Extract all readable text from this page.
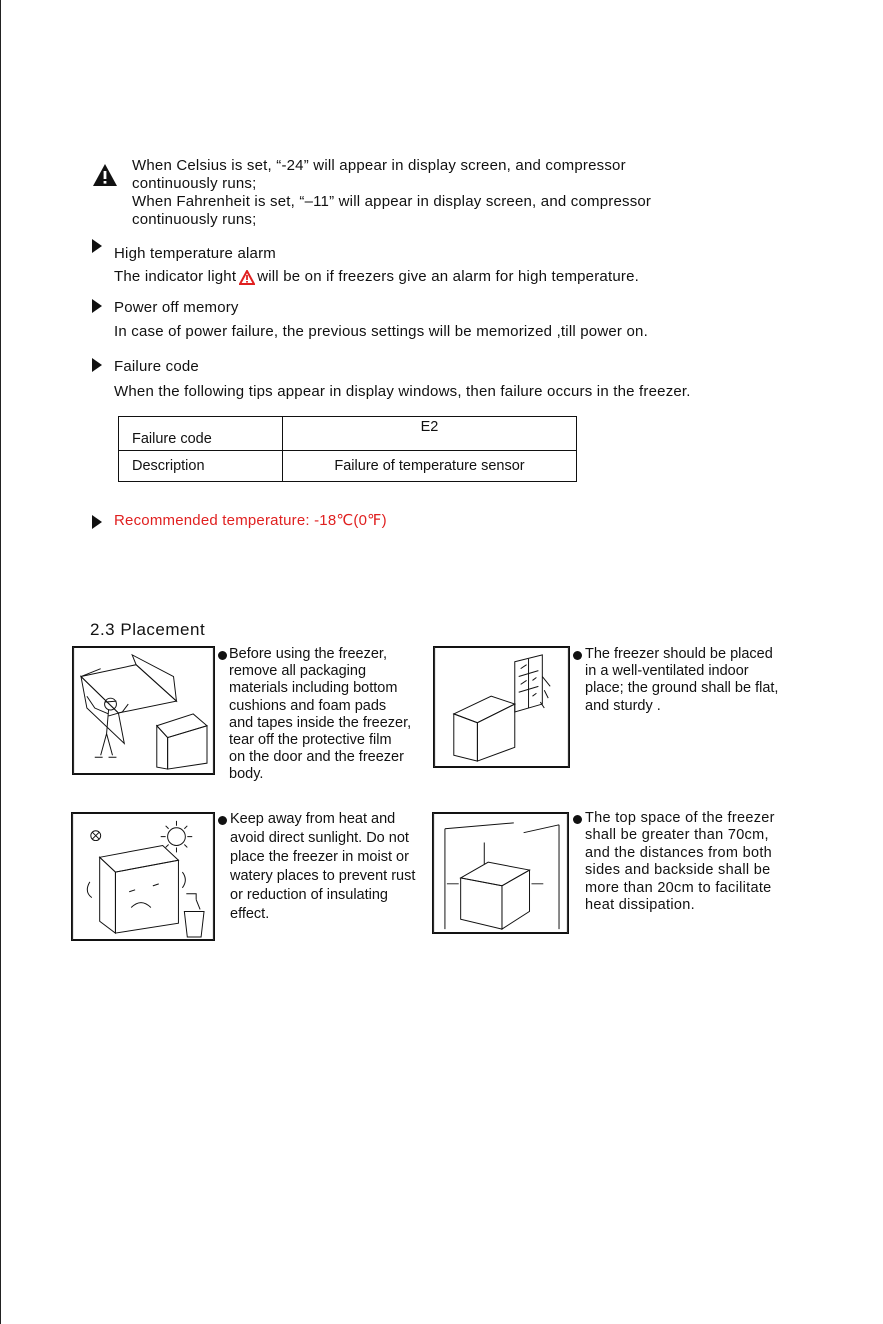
When Celsius is set, “-24” will appear in display screen, and compressor
continuously runs;
When Fahrenheit is set, “–11” will appear in display screen, and compressor
continuously runs;
High temperature alarm
The indicator light will be on if freezers give an alarm for high temperature.
Power off memory
In case of power failure, the previous settings will be memorized ,till power on.
Failure code
When the following tips appear in display windows, then failure occurs in the freezer.
Failure code	E2
Description	Failure of temperature sensor
Recommended temperature: -18℃(0℉)
2.3 Placement
Before using the freezer,
remove all packaging
materials including bottom
cushions and foam pads
and tapes inside the freezer,
tear off the protective film
on the door and the freezer
body.
The freezer should be placed
in a well-ventilated indoor
place; the ground shall be flat,
and sturdy .
Keep away from heat and
avoid direct sunlight. Do not
place the freezer in moist or
watery places to prevent rust
or reduction of insulating
effect.
The top space of the freezer
shall be greater than 70cm,
and the distances from both
sides and backside shall be
more than 20cm to facilitate
heat dissipation.
